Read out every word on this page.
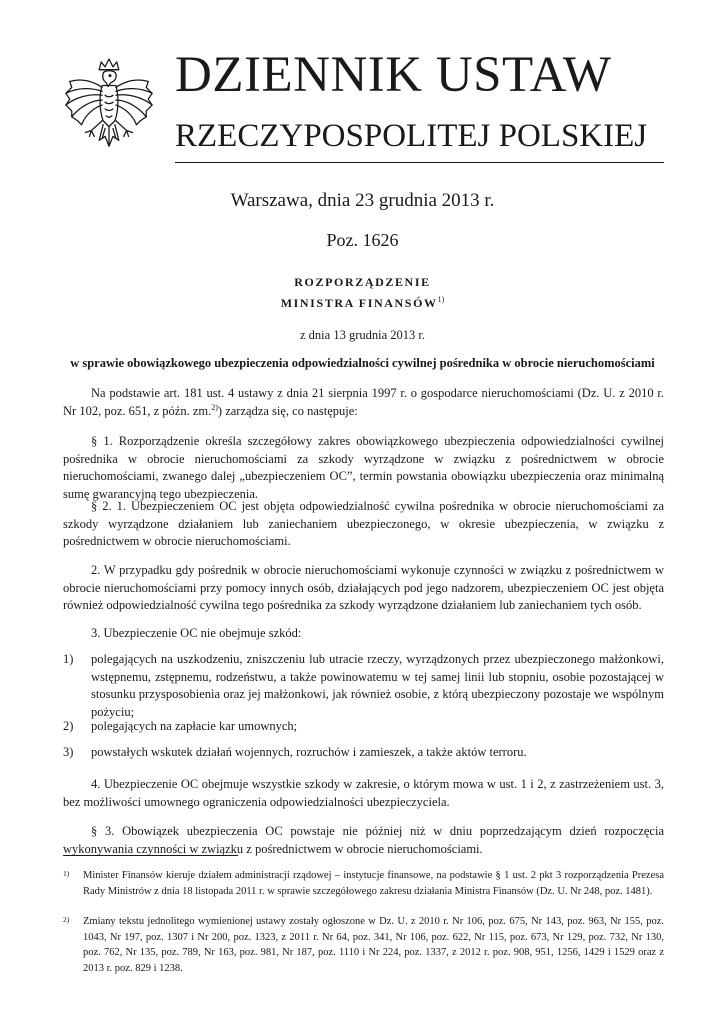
DZIENNIK USTAW
RZECZYPOSPOLITEJ POLSKIEJ
Warszawa, dnia 23 grudnia 2013 r.
Poz. 1626
ROZPORZĄDZENIE
MINISTRA FINANSÓW$^{1)}$
z dnia 13 grudnia 2013 r.
w sprawie obowiązkowego ubezpieczenia odpowiedzialności cywilnej pośrednika w obrocie nieruchomościami

Na podstawie art. 181 ust. 4 ustawy z dnia 21 sierpnia 1997 r. o gospodarce nieruchomościami (Dz. U. z 2010 r. Nr 102, poz. 651, z późn. zm.$^{2)}$) zarządza się, co następuje:

§ 1. Rozporządzenie określa szczegółowy zakres obowiązkowego ubezpieczenia odpowiedzialności cywilnej pośrednika w obrocie nieruchomościami za szkody wyrządzone w związku z pośrednictwem w obrocie nieruchomościami, zwanego dalej „ubezpieczeniem OC”, termin powstania obowiązku ubezpieczenia oraz minimalną sumę gwarancyjną tego ubezpieczenia.

§ 2. 1. Ubezpieczeniem OC jest objęta odpowiedzialność cywilna pośrednika w obrocie nieruchomościami za szkody wyrządzone działaniem lub zaniechaniem ubezpieczonego, w okresie ubezpieczenia, w związku z pośrednictwem w obrocie nieruchomościami.

2. W przypadku gdy pośrednik w obrocie nieruchomościami wykonuje czynności w związku z pośrednictwem w obrocie nieruchomościami przy pomocy innych osób, działających pod jego nadzorem, ubezpieczeniem OC jest objęta również odpowiedzialność cywilna tego pośrednika za szkody wyrządzone działaniem lub zaniechaniem tych osób.

3. Ubezpieczenie OC nie obejmuje szkód:

1) polegających na uszkodzeniu, zniszczeniu lub utracie rzeczy, wyrządzonych przez ubezpieczonego małżonkowi, wstępnemu, zstępnemu, rodzeństwu, a także powinowatemu w tej samej linii lub stopniu, osobie pozostającej w stosunku przysposobienia oraz jej małżonkowi, jak również osobie, z którą ubezpieczony pozostaje we wspólnym pożyciu;
2) polegających na zapłacie kar umownych;
3) powstałych wskutek działań wojennych, rozruchów i zamieszek, a także aktów terroru.

4. Ubezpieczenie OC obejmuje wszystkie szkody w zakresie, o którym mowa w ust. 1 i 2, z zastrzeżeniem ust. 3, bez możliwości umownego ograniczenia odpowiedzialności ubezpieczyciela.

§ 3. Obowiązek ubezpieczenia OC powstaje nie później niż w dniu poprzedzającym dzień rozpoczęcia wykonywania czynności w związku z pośrednictwem w obrocie nieruchomościami.

1) Minister Finansów kieruje działem administracji rządowej – instytucje finansowe, na podstawie § 1 ust. 2 pkt 3 rozporządzenia Prezesa Rady Ministrów z dnia 18 listopada 2011 r. w sprawie szczegółowego zakresu działania Ministra Finansów (Dz. U. Nr 248, poz. 1481).
2) Zmiany tekstu jednolitego wymienionej ustawy zostały ogłoszone w Dz. U. z 2010 r. Nr 106, poz. 675, Nr 143, poz. 963, Nr 155, poz. 1043, Nr 197, poz. 1307 i Nr 200, poz. 1323, z 2011 r. Nr 64, poz. 341, Nr 106, poz. 622, Nr 115, poz. 673, Nr 129, poz. 732, Nr 130, poz. 762, Nr 135, poz. 789, Nr 163, poz. 981, Nr 187, poz. 1110 i Nr 224, poz. 1337, z 2012 r. poz. 908, 951, 1256, 1429 i 1529 oraz z 2013 r. poz. 829 i 1238.
